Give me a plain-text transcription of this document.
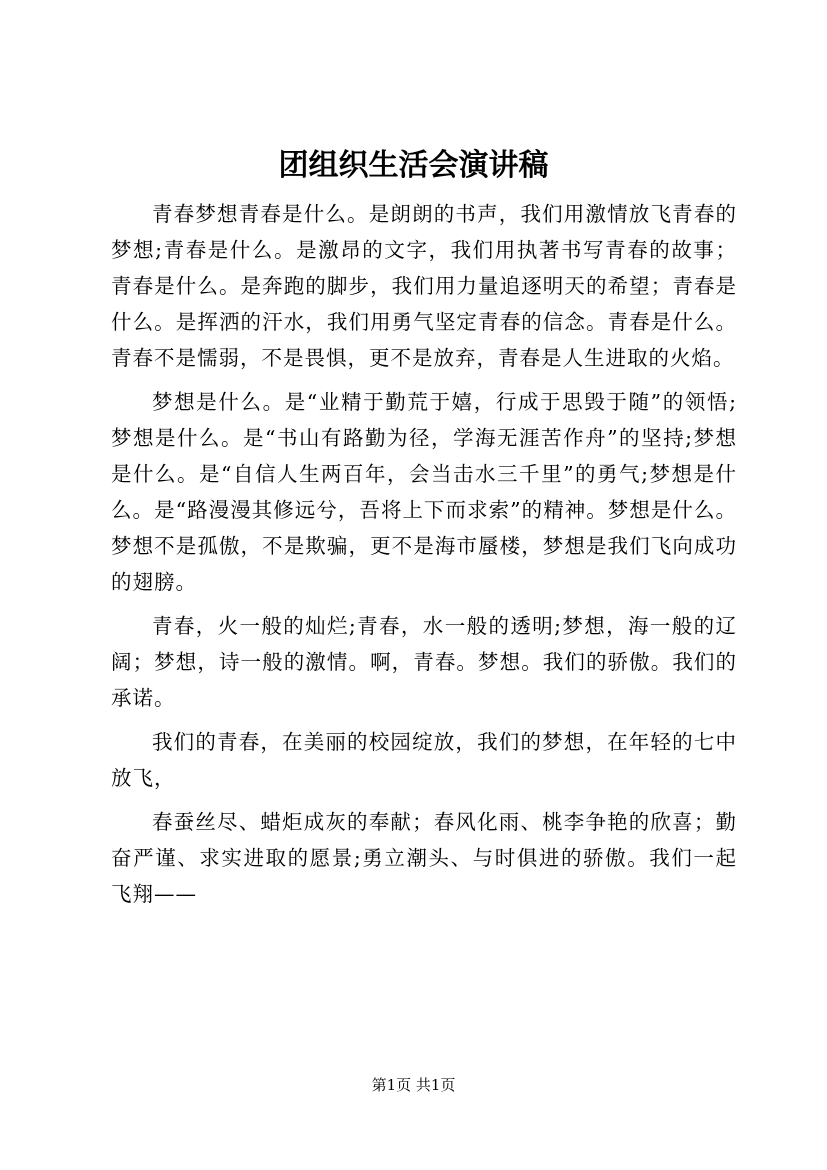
团组织生活会演讲稿

青春梦想青春是什么。是朗朗的书声，我们用激情放飞青春的梦想;青春是什么。是激昂的文字，我们用执著书写青春的故事；青春是什么。是奔跑的脚步，我们用力量追逐明天的希望；青春是什么。是挥洒的汗水，我们用勇气坚定青春的信念。青春是什么。青春不是懦弱，不是畏惧，更不是放弃，青春是人生进取的火焰。

梦想是什么。是“业精于勤荒于嬉，行成于思毁于随”的领悟;梦想是什么。是“书山有路勤为径，学海无涯苦作舟”的坚持;梦想是什么。是“自信人生两百年，会当击水三千里”的勇气;梦想是什么。是“路漫漫其修远兮，吾将上下而求索”的精神。梦想是什么。梦想不是孤傲，不是欺骗，更不是海市蜃楼，梦想是我们飞向成功的翅膀。

青春，火一般的灿烂;青春，水一般的透明;梦想，海一般的辽阔；梦想，诗一般的激情。啊，青春。梦想。我们的骄傲。我们的承诺。

我们的青春，在美丽的校园绽放，我们的梦想，在年轻的七中放飞，

春蚕丝尽、蜡炬成灰的奉献；春风化雨、桃李争艳的欣喜；勤奋严谨、求实进取的愿景;勇立潮头、与时俱进的骄傲。我们一起飞翔——

第1页 共1页
